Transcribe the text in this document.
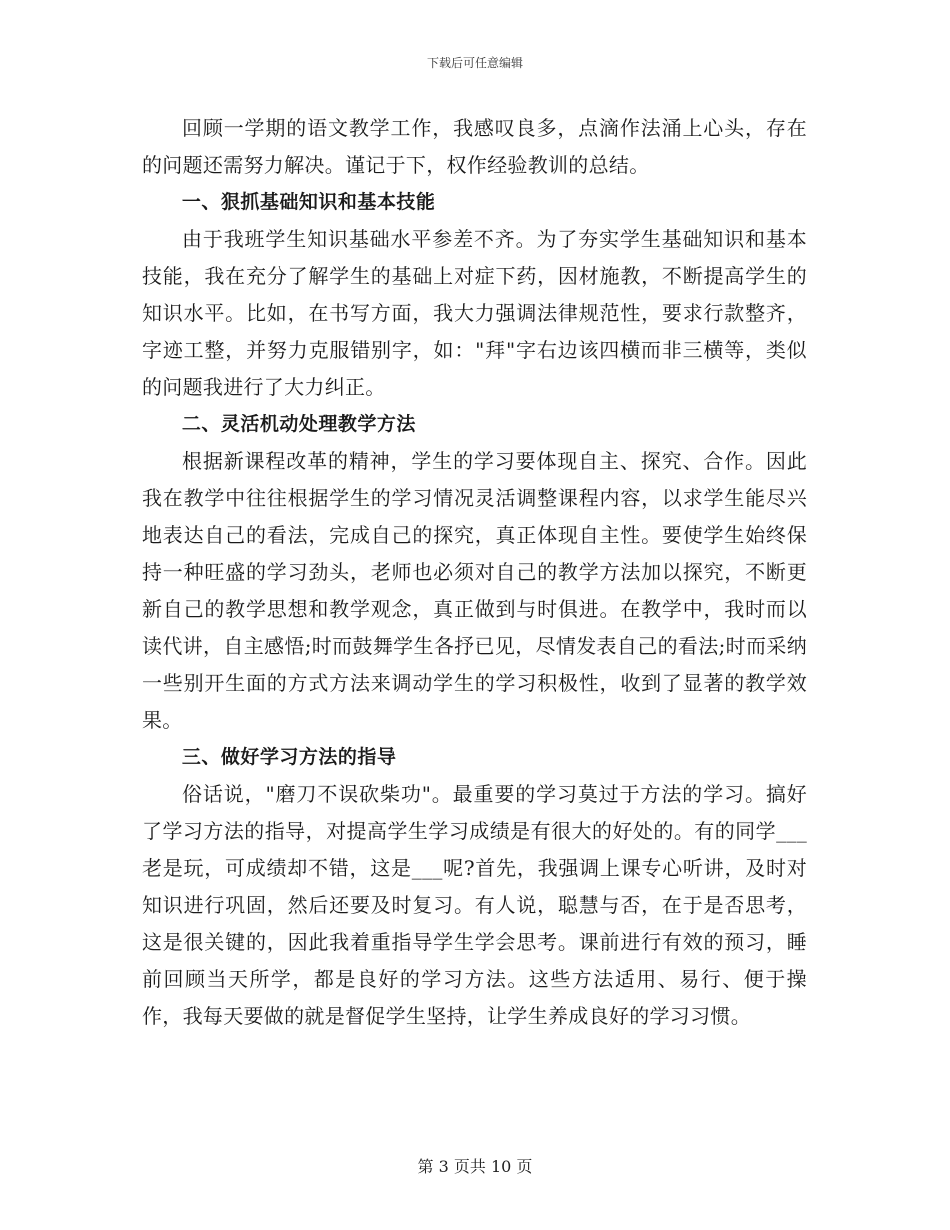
下载后可任意编辑

回顾一学期的语文教学工作，我感叹良多，点滴作法涌上心头，存在的问题还需努力解决。谨记于下，权作经验教训的总结。

一、狠抓基础知识和基本技能

由于我班学生知识基础水平参差不齐。为了夯实学生基础知识和基本技能，我在充分了解学生的基础上对症下药，因材施教，不断提高学生的知识水平。比如，在书写方面，我大力强调法律规范性，要求行款整齐，字迹工整，并努力克服错别字，如："拜"字右边该四横而非三横等，类似的问题我进行了大力纠正。

二、灵活机动处理教学方法

根据新课程改革的精神，学生的学习要体现自主、探究、合作。因此我在教学中往往根据学生的学习情况灵活调整课程内容，以求学生能尽兴地表达自己的看法，完成自己的探究，真正体现自主性。要使学生始终保持一种旺盛的学习劲头，老师也必须对自己的教学方法加以探究，不断更新自己的教学思想和教学观念，真正做到与时俱进。在教学中，我时而以读代讲，自主感悟;时而鼓舞学生各抒已见，尽情发表自己的看法;时而采纳一些别开生面的方式方法来调动学生的学习积极性，收到了显著的教学效果。

三、做好学习方法的指导

俗话说，"磨刀不误砍柴功"。最重要的学习莫过于方法的学习。搞好了学习方法的指导，对提高学生学习成绩是有很大的好处的。有的同学___老是玩，可成绩却不错，这是___呢?首先，我强调上课专心听讲，及时对知识进行巩固，然后还要及时复习。有人说，聪慧与否，在于是否思考，这是很关键的，因此我着重指导学生学会思考。课前进行有效的预习，睡前回顾当天所学，都是良好的学习方法。这些方法适用、易行、便于操作，我每天要做的就是督促学生坚持，让学生养成良好的学习习惯。

第 3 页共 10 页
